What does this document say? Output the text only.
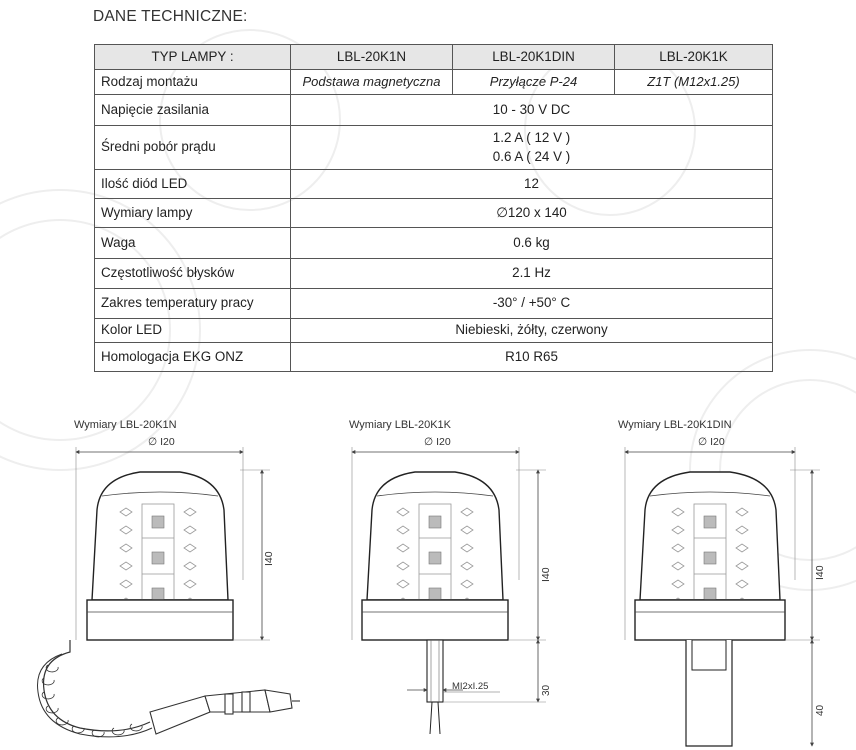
DANE TECHNICZNE:
TYP LAMPY :	LBL-20K1N	LBL-20K1DIN	LBL-20K1K
Rodzaj montażu	Podstawa magnetyczna	Przyłącze P-24	Z1T (M12x1.25)
Napięcie zasilania	10 - 30 V DC		
Średni pobór prądu	1.2 A ( 12 V )
0.6 A ( 24 V )		

Ilość diód LED	12		
Wymiary lampy	∅120 x 140		
Waga	0.6 kg		
Częstotliwość błysków	2.1 Hz		
Zakres temperatury pracy	-30° / +50° C		
Kolor LED	Niebieski, żółty, czerwony		
Homologacja EKG ONZ	R10 R65		
Wymiary LBL-20K1N
∅ I20
I40
Wymiary LBL-20K1K
∅ I20
I40
MI2xI.25	30
Wymiary LBL-20K1DIN
∅ I20
I40
40
